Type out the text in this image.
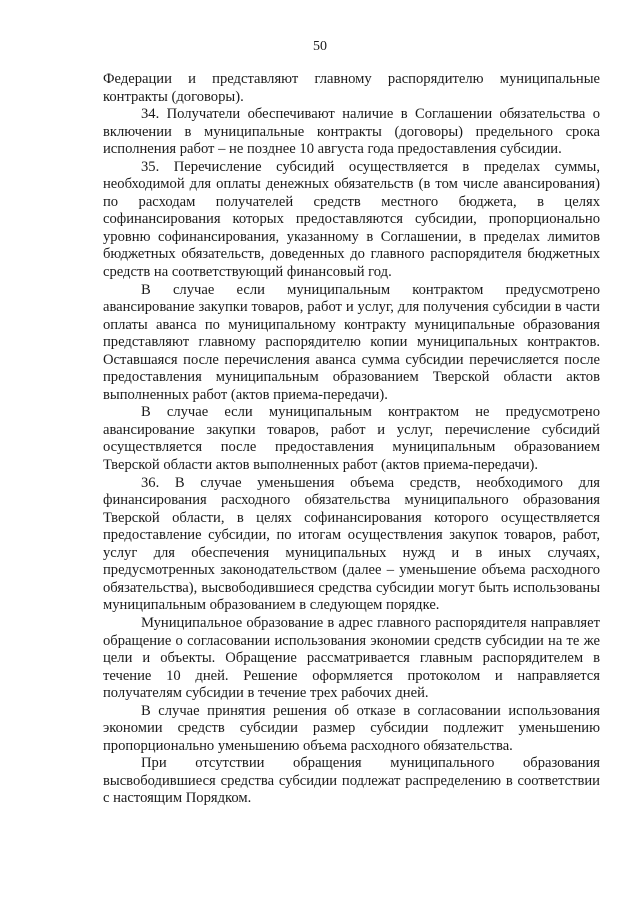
50

Федерации и представляют главному распорядителю муниципальные контракты (договоры).

34. Получатели обеспечивают наличие в Соглашении обязательства о включении в муниципальные контракты (договоры) предельного срока исполнения работ – не позднее 10 августа года предоставления субсидии.

35. Перечисление субсидий осуществляется в пределах суммы, необходимой для оплаты денежных обязательств (в том числе авансирования) по расходам получателей средств местного бюджета, в целях софинансирования которых предоставляются субсидии, пропорционально уровню софинансирования, указанному в Соглашении, в пределах лимитов бюджетных обязательств, доведенных до главного распорядителя бюджетных средств на соответствующий финансовый год.

В случае если муниципальным контрактом предусмотрено авансирование закупки товаров, работ и услуг, для получения субсидии в части оплаты аванса по муниципальному контракту муниципальные образования представляют главному распорядителю копии муниципальных контрактов. Оставшаяся после перечисления аванса сумма субсидии перечисляется после предоставления муниципальным образованием Тверской области актов выполненных работ (актов приема-передачи).

В случае если муниципальным контрактом не предусмотрено авансирование закупки товаров, работ и услуг, перечисление субсидий осуществляется после предоставления муниципальным образованием Тверской области актов выполненных работ (актов приема-передачи).

36. В случае уменьшения объема средств, необходимого для финансирования расходного обязательства муниципального образования Тверской области, в целях софинансирования которого осуществляется предоставление субсидии, по итогам осуществления закупок товаров, работ, услуг для обеспечения муниципальных нужд и в иных случаях, предусмотренных законодательством (далее – уменьшение объема расходного обязательства), высвободившиеся средства субсидии могут быть использованы муниципальным образованием в следующем порядке.

Муниципальное образование в адрес главного распорядителя направляет обращение о согласовании использования экономии средств субсидии на те же цели и объекты. Обращение рассматривается главным распорядителем в течение 10 дней. Решение оформляется протоколом и направляется получателям субсидии в течение трех рабочих дней.

В случае принятия решения об отказе в согласовании использования экономии средств субсидии размер субсидии подлежит уменьшению пропорционально уменьшению объема расходного обязательства.

При отсутствии обращения муниципального образования высвободившиеся средства субсидии подлежат распределению в соответствии с настоящим Порядком.
